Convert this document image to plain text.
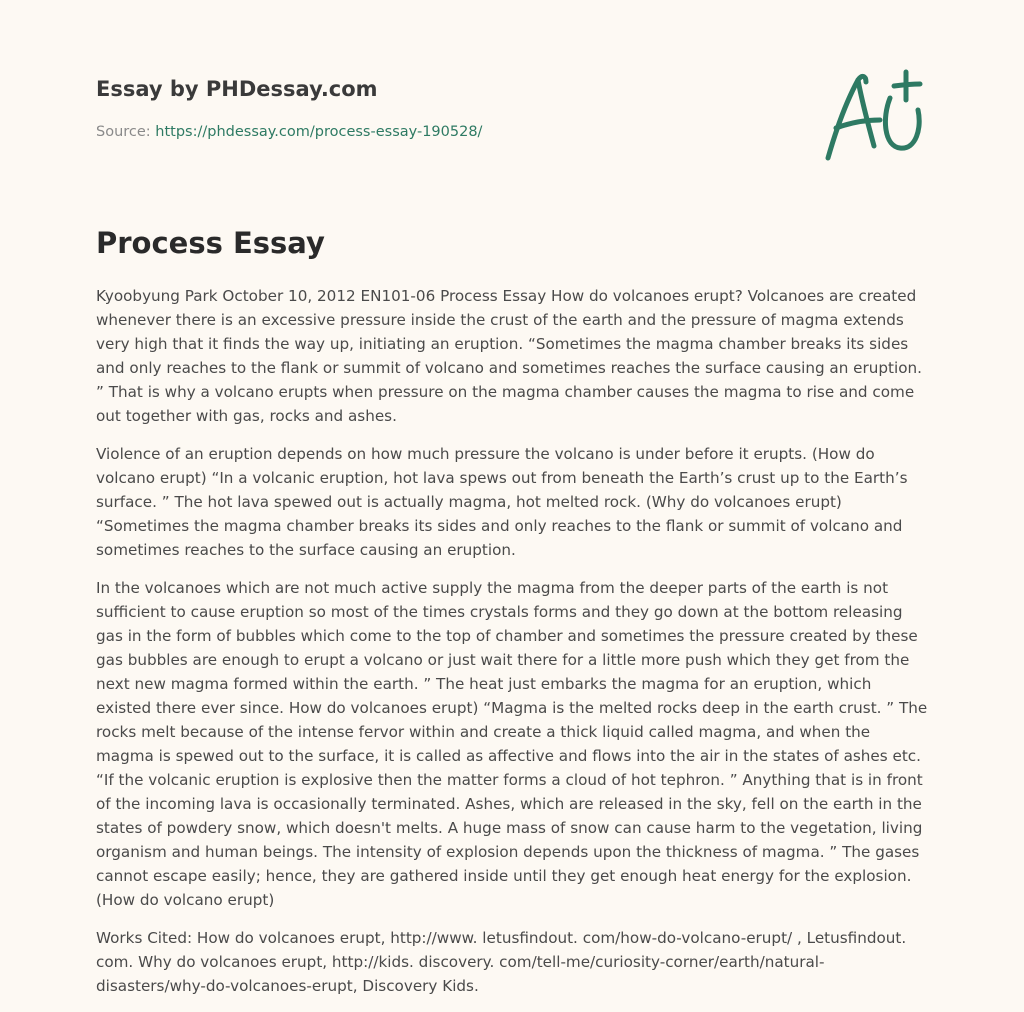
Essay by PHDessay.com
Source: https://phdessay.com/process-essay-190528/
Process Essay

Kyoobyung Park October 10, 2012 EN101-06 Process Essay How do volcanoes erupt? Volcanoes are created whenever there is an excessive pressure inside the crust of the earth and the pressure of magma extends very high that it finds the way up, initiating an eruption. “Sometimes the magma chamber breaks its sides and only reaches to the flank or summit of volcano and sometimes reaches the surface causing an eruption. ” That is why a volcano erupts when pressure on the magma chamber causes the magma to rise and come out together with gas, rocks and ashes.

Violence of an eruption depends on how much pressure the volcano is under before it erupts. (How do volcano erupt) “In a volcanic eruption, hot lava spews out from beneath the Earth’s crust up to the Earth’s surface. ” The hot lava spewed out is actually magma, hot melted rock. (Why do volcanoes erupt) “Sometimes the magma chamber breaks its sides and only reaches to the flank or summit of volcano and sometimes reaches to the surface causing an eruption.

In the volcanoes which are not much active supply the magma from the deeper parts of the earth is not sufficient to cause eruption so most of the times crystals forms and they go down at the bottom releasing gas in the form of bubbles which come to the top of chamber and sometimes the pressure created by these gas bubbles are enough to erupt a volcano or just wait there for a little more push which they get from the next new magma formed within the earth. ” The heat just embarks the magma for an eruption, which existed there ever since. How do volcanoes erupt) “Magma is the melted rocks deep in the earth crust. ” The rocks melt because of the intense fervor within and create a thick liquid called magma, and when the magma is spewed out to the surface, it is called as affective and flows into the air in the states of ashes etc. “If the volcanic eruption is explosive then the matter forms a cloud of hot tephron. ” Anything that is in front of the incoming lava is occasionally terminated. Ashes, which are released in the sky, fell on the earth in the states of powdery snow, which doesn't melts. A huge mass of snow can cause harm to the vegetation, living organism and human beings. The intensity of explosion depends upon the thickness of magma. ” The gases cannot escape easily; hence, they are gathered inside until they get enough heat energy for the explosion. (How do volcano erupt)

Works Cited: How do volcanoes erupt, http://www. letusfindout. com/how-do-volcano-erupt/ , Letusfindout. com. Why do volcanoes erupt, http://kids. discovery. com/tell-me/curiosity-corner/earth/natural-disasters/why-do-volcanoes-erupt, Discovery Kids.
